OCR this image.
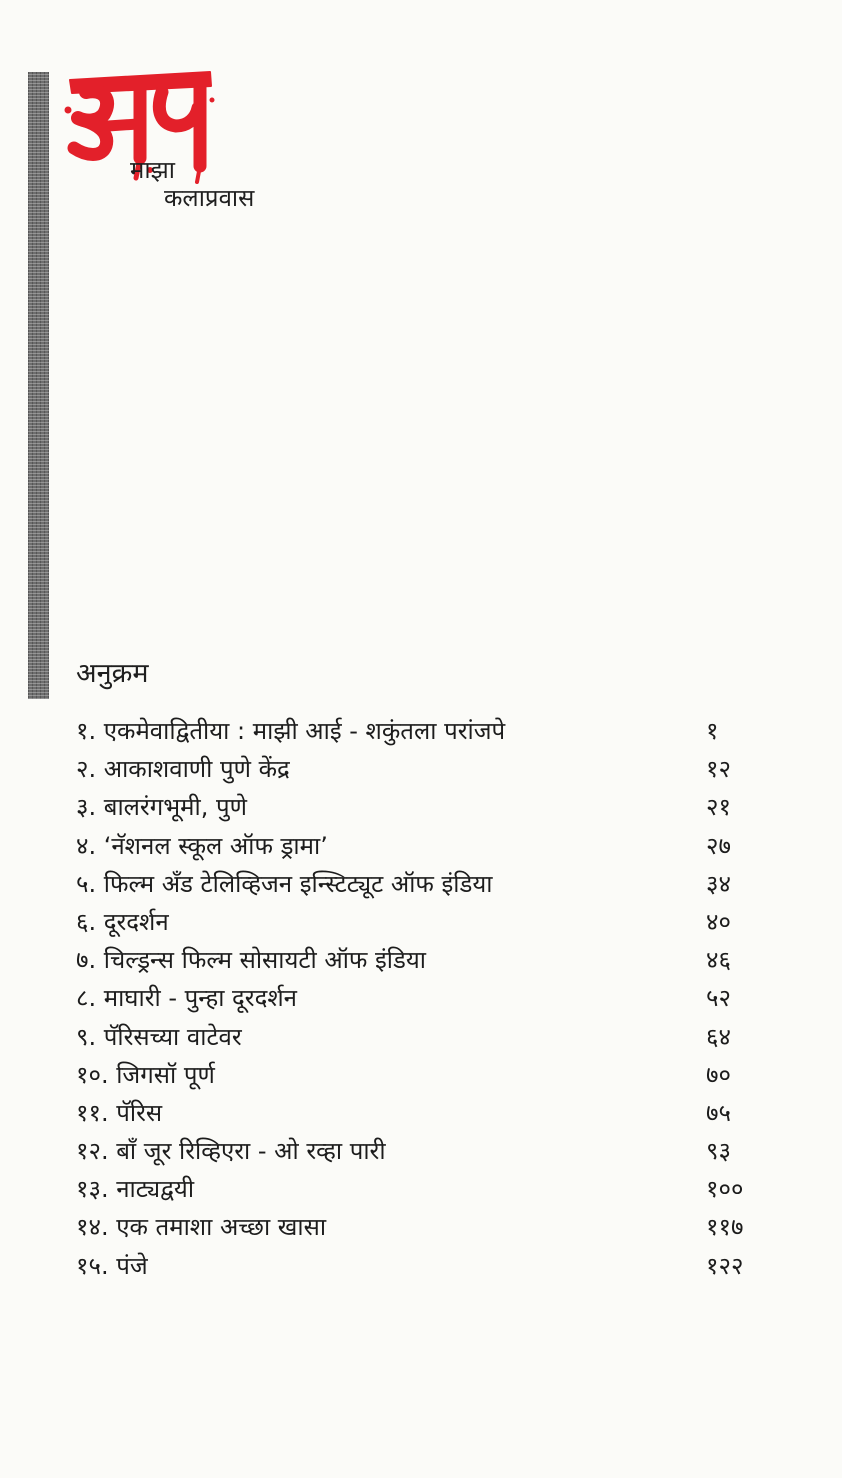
माझा
कलाप्रवास
अनुक्रम
१. एकमेवाद्वितीया : माझी आई - शकुंतला परांजपे	१
२. आकाशवाणी पुणे केंद्र	१२
३. बालरंगभूमी, पुणे	२१
४. ‘नॅशनल स्कूल ऑफ ड्रामा’	२७
५. फिल्म अँड टेलिव्हिजन इन्स्टिट्यूट ऑफ इंडिया	३४
६. दूरदर्शन	४०
७. चिल्ड्रन्स फिल्म सोसायटी ऑफ इंडिया	४६
८. माघारी - पुन्हा दूरदर्शन	५२
९. पॅरिसच्या वाटेवर	६४
१०. जिगसॉ पूर्ण	७०
११. पॅरिस	७५
१२. बाँ जूर रिव्हिएरा - ओ रव्हा पारी	९३
१३. नाट्यद्वयी	१००
१४. एक तमाशा अच्छा खासा	११७
१५. पंजे	१२२
